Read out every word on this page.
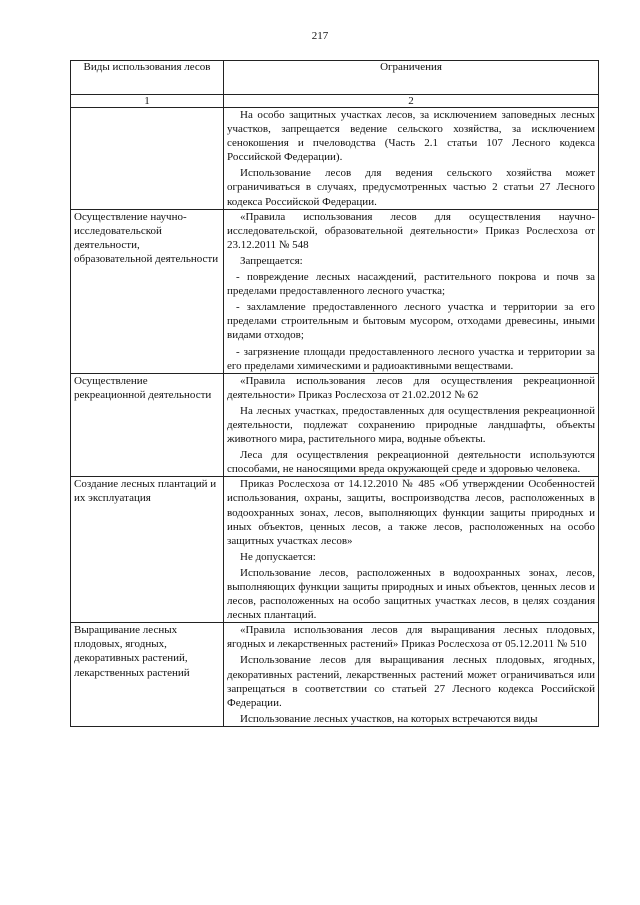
217
Виды использования лесов	Ограничения
1	2

	На особо защитных участках лесов, за исключением заповедных лесных участков, запрещается ведение сельского хозяйства, за исключением сенокошения и пчеловодства (Часть 2.1 статьи 107 Лесного кодекса Российской Федерации).

Использование лесов для ведения сельского хозяйства может ограничиваться в случаях, предусмотренных частью 2 статьи 27 Лесного кодекса Российской Федерации.

Осуществление научно-исследовательской деятельности, образовательной деятельности	«Правила использования лесов для осуществления научно-исследовательской, образовательной деятельности» Приказ Рослесхоза от 23.12.2011 № 548

Запрещается:

- повреждение лесных насаждений, растительного покрова и почв за пределами предоставленного лесного участка;

- захламление предоставленного лесного участка и территории за его пределами строительным и бытовым мусором, отходами древесины, иными видами отходов;

- загрязнение площади предоставленного лесного участка и территории за его пределами химическими и радиоактивными веществами.

Осуществление рекреационной деятельности	«Правила использования лесов для осуществления рекреационной деятельности» Приказ Рослесхоза от 21.02.2012 № 62

На лесных участках, предоставленных для осуществления рекреационной деятельности, подлежат сохранению природные ландшафты, объекты животного мира, растительного мира, водные объекты.

Леса для осуществления рекреационной деятельности используются способами, не наносящими вреда окружающей среде и здоровью человека.

Создание лесных плантаций и их эксплуатация	Приказ Рослесхоза от 14.12.2010 № 485 «Об утверждении Особенностей использования, охраны, защиты, воспроизводства лесов, расположенных в водоохранных зонах, лесов, выполняющих функции защиты природных и иных объектов, ценных лесов, а также лесов, расположенных на особо защитных участках лесов»

Не допускается:

Использование лесов, расположенных в водоохранных зонах, лесов, выполняющих функции защиты природных и иных объектов, ценных лесов и лесов, расположенных на особо защитных участках лесов, в целях создания лесных плантаций.

Выращивание лесных плодовых, ягодных, декоративных растений, лекарственных растений	«Правила использования лесов для выращивания лесных плодовых, ягодных и лекарственных растений» Приказ Рослесхоза от 05.12.2011 № 510

Использование лесов для выращивания лесных плодовых, ягодных, декоративных растений, лекарственных растений может ограничиваться или запрещаться в соответствии со статьей 27 Лесного кодекса Российской Федерации.

Использование лесных участков, на которых встречаются виды
